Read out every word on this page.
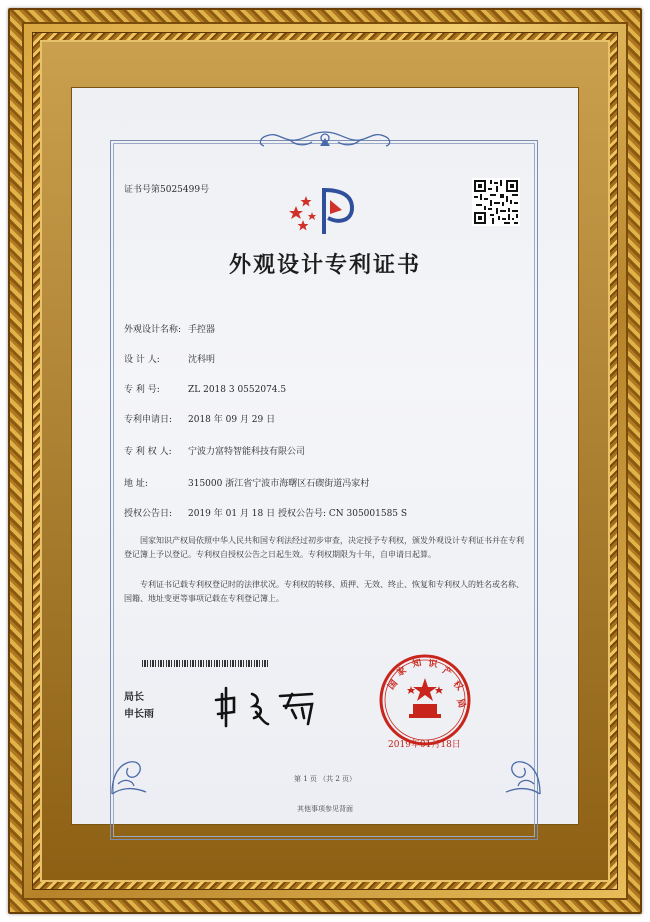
证书号第5025499号
外观设计专利证书
外观设计名称: 手控器
设 计 人:	沈科明
专 利 号:	ZL 2018 3 0552074.5
专利申请日: 2018 年 09 月 29 日
专 利 权 人: 宁波力富特智能科技有限公司
地 址:	315000 浙江省宁波市海曙区石碶街道冯家村
授权公告日: 2019 年 01 月 18 日 授权公告号: CN 305001585 S
国家知识产权局依照中华人民共和国专利法经过初步审查，决定授予专利权，颁发外观设计专利证书并在专利登记簿上予以登记。专利权自授权公告之日起生效。专利权期限为十年，自申请日起算。
专利证书记载专利权登记时的法律状况。专利权的转移、质押、无效、终止、恢复和专利权人的姓名或名称、国籍、地址变更等事项记载在专利登记簿上。
局长
申长雨
国
家
知 识
产
权
局
2019年01月18日
第 1 页 （共 2 页）
其他事项参见背面
